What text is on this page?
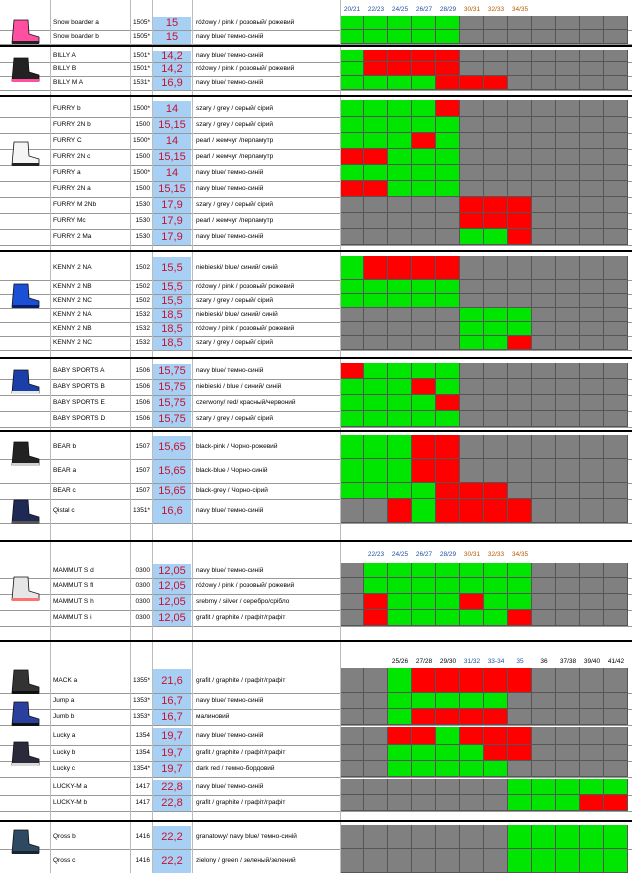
20/21	22/23	24/25	26/27	28/29	30/31	32/33	34/35
22/23	24/25	26/27	28/29	30/31	32/33	34/35
25/26	27/28	29/30	31/32	33-34	35	36	37/38	39/40	41/42
Snow boarder a	1505*	15	różowy / pink / розовый/ рожевий
Snow boarder b	1505*	15	navy blue/ темно-синій
BILLY A	1501*	14,2	navy blue/ темно-синій
BILLY B	1501*	14,2	różowy / pink / розовый/ рожевий
BILLY M A	1531*	16,9	navy blue/ темно-синій
FURRY b	1500*	14	szary / grey / серый/ сірий
FURRY 2N b	1500 15,15	szary / grey / серый/ сірий
FURRY C	1500*	14	pearl / жемчуг /перламутр
FURRY 2N c	1500 15,15	pearl / жемчуг /перламутр
FURRY a	1500*	14	navy blue/ темно-синій
FURRY 2N a	1500 15,15	navy blue/ темно-синій
FURRY M 2Nb	1530	17,9	szary / grey / серый/ сірий
FURRY Mc	1530	17,9	pearl / жемчуг /перламутр
FURRY 2 Ma	1530	17,9	navy blue/ темно-синій
KENNY 2 NA	1502	15,5	niebieski/ blue/ синий/ синій
KENNY 2 NB	1502	15,5	różowy / pink / розовый/ рожевий
KENNY 2 NC	1502	15,5	szary / grey / серый/ сірий
KENNY 2 NA	1532	18,5	niebieski/ blue/ синий/ синій
KENNY 2 NB	1532	18,5	różowy / pink / розовый/ рожевий
KENNY 2 NC	1532	18,5	szary / grey / серый/ сірий
BABY SPORTS A	1506 15,75	navy blue/ темно-синій
BABY SPORTS B	1506 15,75	niebieski / blue / синий/ синій
BABY SPORTS E	1506 15,75	czerwony/ red/ красный/червоний
BABY SPORTS D	1506 15,75	szary / grey / серый/ сірий
BEAR b	1507 15,65	black-pink / Чорно-рожевий
BEAR a	1507 15,65	black-blue / Чорно-синій
BEAR c	1507 15,65	black-grey / Чорно-сірий
Qistal c	1351*	16,6	navy blue/ темно-синій
MAMMUT S d	0300 12,05	navy blue/ темно-синій
MAMMUT S fl	0300 12,05	różowy / pink / розовый/ рожевий
MAMMUT S h	0300 12,05	srebmy / silver / серебро/срібло
MAMMUT S i	0300 12,05	grafit / graphite / графіт/графіт
MACK a	1355*	21,6	grafit / graphite / графіт/графіт
Jump a	1353*	16,7	navy blue/ темно-синій
Jumb b	1353*	16,7	малиновий
Lucky a	1354	19,7	navy blue/ темно-синій
Lucky b	1354	19,7	grafit / graphite / графіт/графіт
Lucky c	1354*	19,7	dark red / темно-бордовий
LUCKY-M a	1417	22,8	navy blue/ темно-синій
LUCKY-M b	1417	22,8	grafit / graphite / графіт/графіт
Qross b	1416	22,2	granatowy/ navy blue/ темно-синій
Qross c	1416	22,2	zielony / green / зеленый/зелений
